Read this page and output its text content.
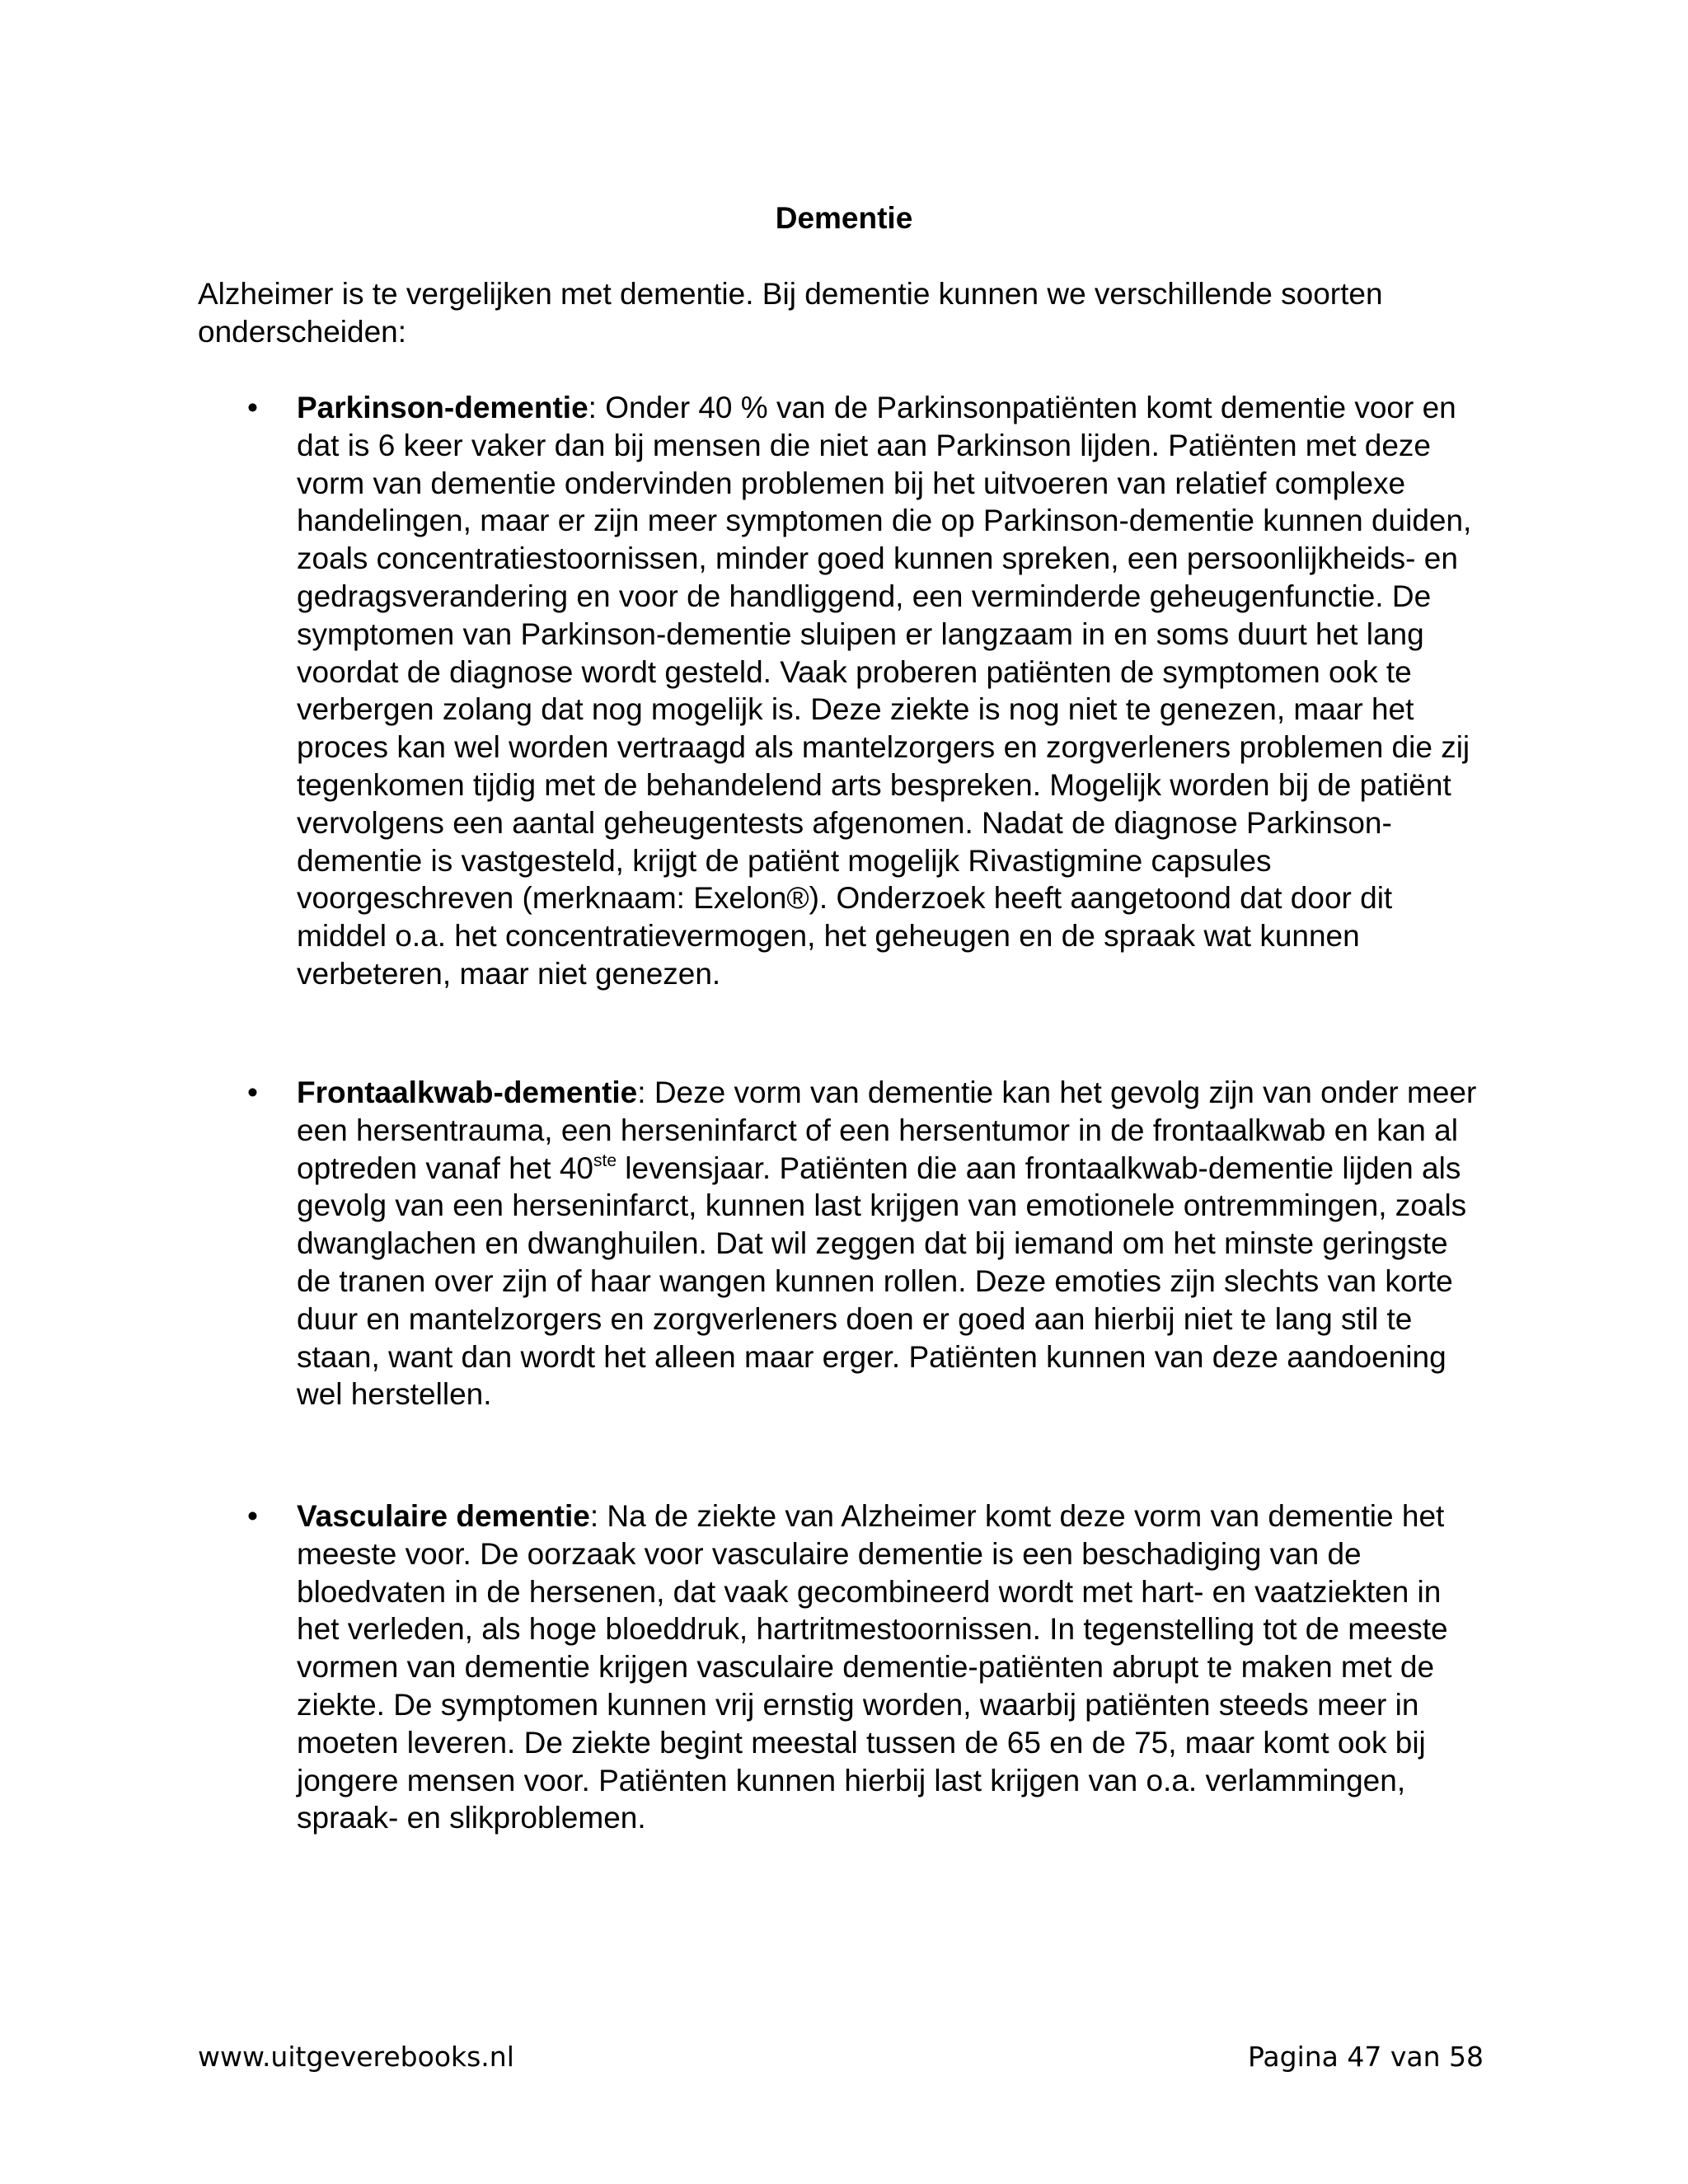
Dementie
Alzheimer is te vergelijken met dementie. Bij dementie kunnen we verschillende soorten onderscheiden:
• Parkinson-dementie: Onder 40 % van de Parkinsonpatiënten komt dementie voor en dat is 6 keer vaker dan bij mensen die niet aan Parkinson lijden. Patiënten met deze vorm van dementie ondervinden problemen bij het uitvoeren van relatief complexe handelingen, maar er zijn meer symptomen die op Parkinson-dementie kunnen duiden, zoals concentratiestoornissen, minder goed kunnen spreken, een persoonlijkheids- en gedragsverandering en voor de handliggend, een verminderde geheugenfunctie. De symptomen van Parkinson-dementie sluipen er langzaam in en soms duurt het lang voordat de diagnose wordt gesteld. Vaak proberen patiënten de symptomen ook te verbergen zolang dat nog mogelijk is. Deze ziekte is nog niet te genezen, maar het proces kan wel worden vertraagd als mantelzorgers en zorgverleners problemen die zij tegenkomen tijdig met de behandelend arts bespreken. Mogelijk worden bij de patiënt vervolgens een aantal geheugentests afgenomen. Nadat de diagnose Parkinson-dementie is vastgesteld, krijgt de patiënt mogelijk Rivastigmine capsules voorgeschreven (merknaam: Exelon®). Onderzoek heeft aangetoond dat door dit middel o.a. het concentratievermogen, het geheugen en de spraak wat kunnen verbeteren, maar niet genezen.
• Frontaalkwab-dementie: Deze vorm van dementie kan het gevolg zijn van onder meer een hersentrauma, een herseninfarct of een hersentumor in de frontaalkwab en kan al optreden vanaf het 40ste levensjaar. Patiënten die aan frontaalkwab-dementie lijden als gevolg van een herseninfarct, kunnen last krijgen van emotionele ontremmingen, zoals dwanglachen en dwanghuilen. Dat wil zeggen dat bij iemand om het minste geringste de tranen over zijn of haar wangen kunnen rollen. Deze emoties zijn slechts van korte duur en mantelzorgers en zorgverleners doen er goed aan hierbij niet te lang stil te staan, want dan wordt het alleen maar erger. Patiënten kunnen van deze aandoening wel herstellen.
• Vasculaire dementie: Na de ziekte van Alzheimer komt deze vorm van dementie het meeste voor. De oorzaak voor vasculaire dementie is een beschadiging van de bloedvaten in de hersenen, dat vaak gecombineerd wordt met hart- en vaatziekten in het verleden, als hoge bloeddruk, hartritmestoornissen. In tegenstelling tot de meeste vormen van dementie krijgen vasculaire dementie-patiënten abrupt te maken met de ziekte. De symptomen kunnen vrij ernstig worden, waarbij patiënten steeds meer in moeten leveren. De ziekte begint meestal tussen de 65 en de 75, maar komt ook bij jongere mensen voor. Patiënten kunnen hierbij last krijgen van o.a. verlammingen, spraak- en slikproblemen.
www.uitgeverebooks.nl	Pagina 47 van 58
